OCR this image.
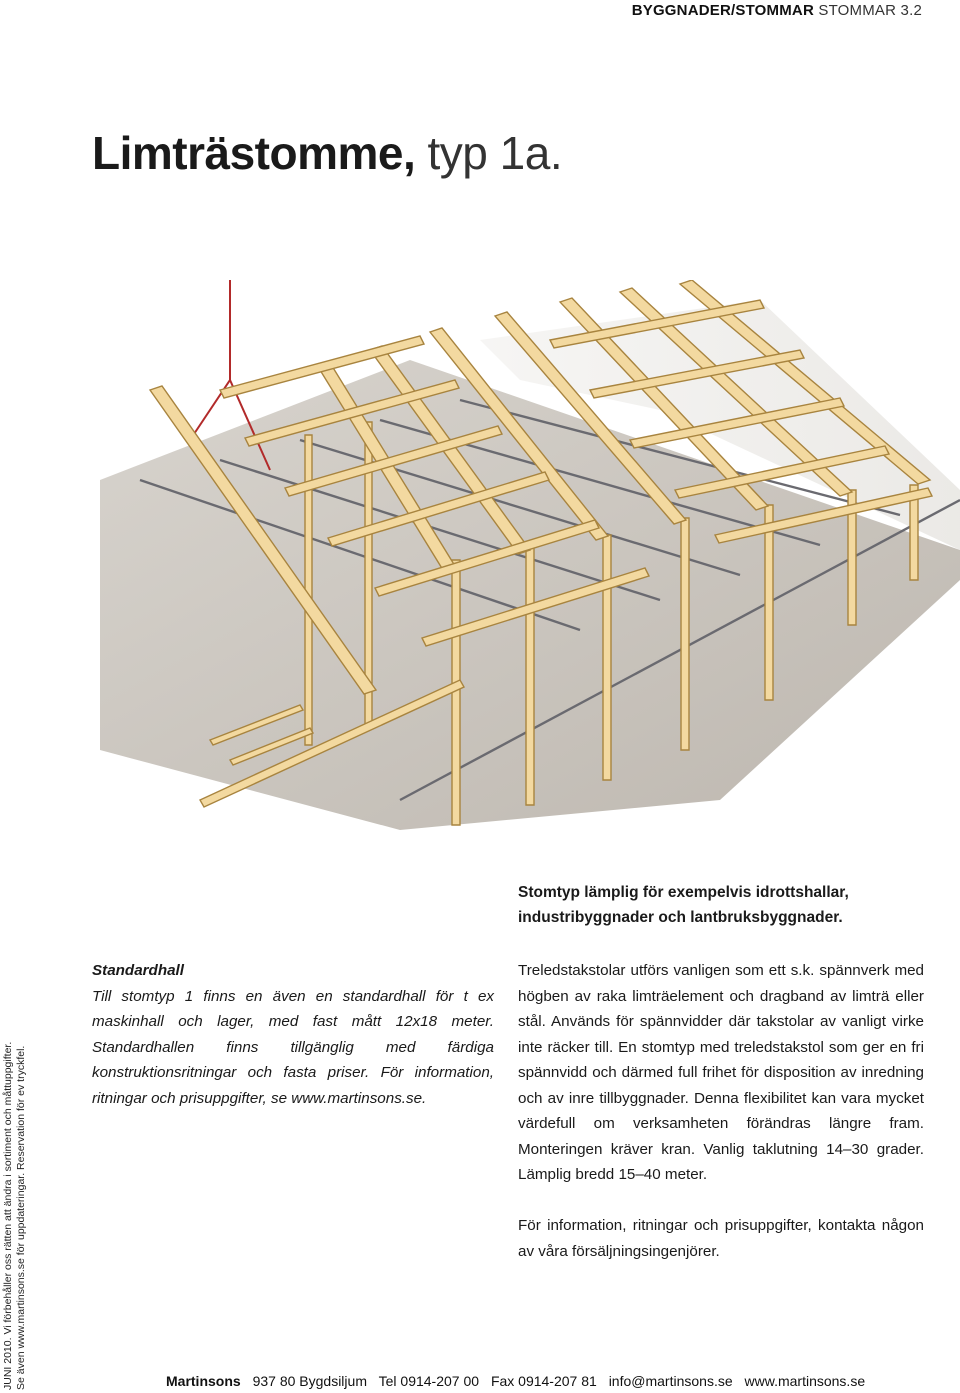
BYGGNADER/STOMMAR STOMMAR 3.2
Limträstomme, typ 1a.

Stomtyp lämplig för exempelvis idrottshallar, industribyggnader och lantbruksbyggnader.

Standardhall
Till stomtyp 1 finns en även en standardhall för t ex maskinhall och lager, med fast mått 12x18 meter. Standardhallen finns tillgänglig med färdiga konstruktionsritningar och fasta priser. För information, ritningar och prisuppgifter, se www.martinsons.se.

Treledstakstolar utförs vanligen som ett s.k. spännverk med högben av raka limträelement och dragband av limträ eller stål. Används för spännvidder där takstolar av vanligt virke inte räcker till. En stomtyp med treledstakstol som ger en fri spännvidd och därmed full frihet för disposition av inredning och av inre tillbyggnader. Denna flexibilitet kan vara mycket värdefull om verksamheten förändras längre fram. Monteringen kräver kran. Vanlig taklutning 14–30 grader. Lämplig bredd 15–40 meter.

För information, ritningar och prisuppgifter, kontakta någon av våra försäljningsingenjörer.

JUNI 2010. Vi förbehåller oss rätten att ändra i sortiment och måttuppgifter. Se även www.martinsons.se för uppdateringar. Reservation för ev tryckfel.	Martinsons 937 80 Bygdsiljum Tel 0914-207 00 Fax 0914-207 81 info@martinsons.se www.martinsons.se
